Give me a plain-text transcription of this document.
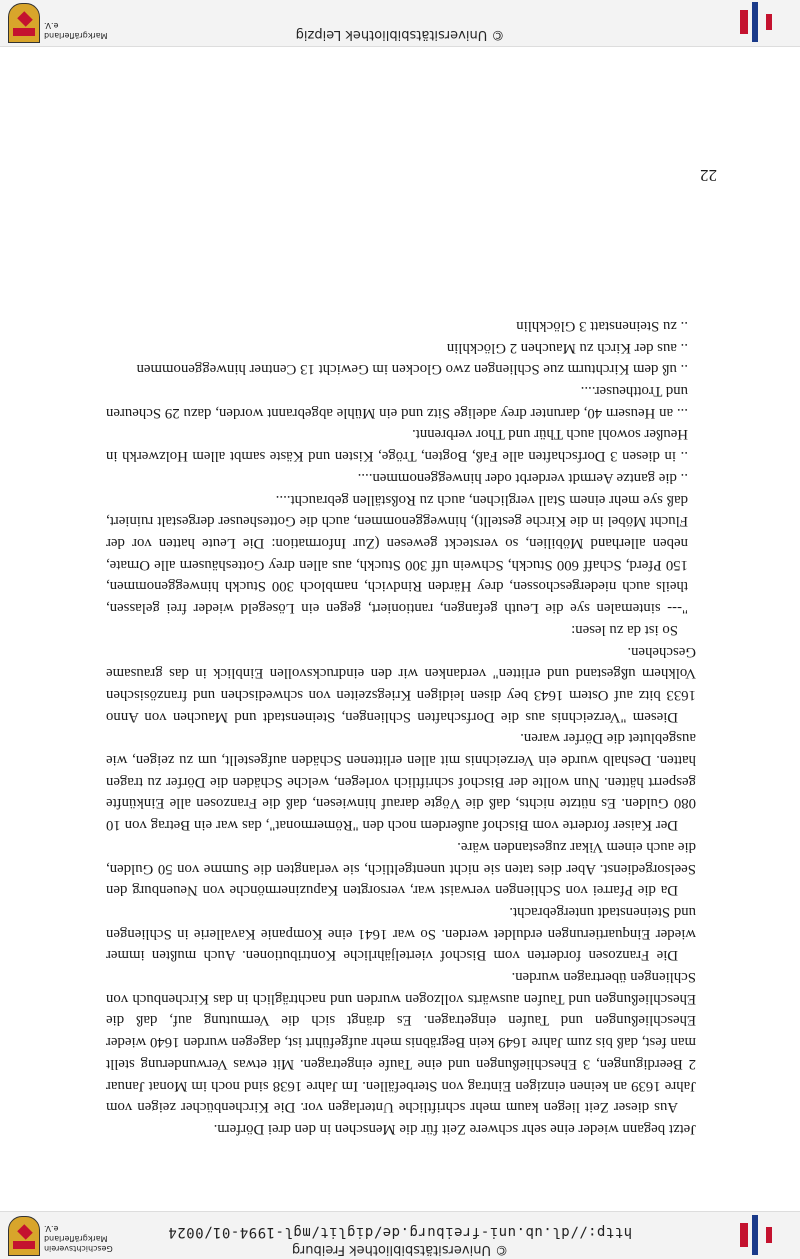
© Universitätsbibliothek Freiburg
http://dl.ub.uni-freiburg.de/diglit/mgl-1994-01/0024
Geschichtsverein
Markgräflerland e.V.

Jetzt begann wieder eine sehr schwere Zeit für die Menschen in den drei Dörfern.

Aus dieser Zeit liegen kaum mehr schriftliche Unterlagen vor. Die Kirchenbücher zeigen vom Jahre 1639 an keinen einzigen Eintrag von Sterbefällen. Im Jahre 1638 sind noch im Monat Januar 2 Beerdigungen, 3 Eheschließungen und eine Taufe eingetragen. Mit etwas Verwunderung stellt man fest, daß bis zum Jahre 1649 kein Begräbnis mehr aufgeführt ist, dagegen wurden 1640 wieder Eheschließungen und Taufen eingetragen. Es drängt sich die Vermutung auf, daß die Eheschließungen und Taufen auswärts vollzogen wurden und nachträglich in das Kirchenbuch von Schliengen übertragen wurden.

Die Franzosen forderten vom Bischof vierteljährliche Kontributionen. Auch mußten immer wieder Einquartierungen erduldet werden. So war 1641 eine Kompanie Kavallerie in Schliengen und Steinenstadt untergebracht.

Da die Pfarrei von Schliengen verwaist war, versorgten Kapuzinermönche von Neuenburg den Seelsorgedienst. Aber dies taten sie nicht unentgeltlich, sie verlangten die Summe von 50 Gulden, die auch einem Vikar zugestanden wäre.

Der Kaiser forderte vom Bischof außerdem noch den "Römermonat", das war ein Betrag von 10 080 Gulden. Es nützte nichts, daß die Vögte darauf hinwiesen, daß die Franzosen alle Einkünfte gesperrt hätten. Nun wollte der Bischof schriftlich vorlegen, welche Schäden die Dörfer zu tragen hatten. Deshalb wurde ein Verzeichnis mit allen erlittenen Schäden aufgestellt, um zu zeigen, wie ausgeblutet die Dörfer waren.

Diesem "Verzeichnis aus die Dorfschaften Schliengen, Steinenstadt und Mauchen von Anno 1633 bitz auf Ostern 1643 bey disen leidigen Kriegszeiten von schwedischen und französischen Volkhern ußgestand und erlitten" verdanken wir den eindrucksvollen Einblick in das grausame Geschehen.

So ist da zu lesen:

"--- sintemalen sye die Leuth gefangen, rantioniert, gegen ein Lösegeld wieder frei gelassen, theils auch niedergeschossen, drey Härden Rindvich, nambloch 300 Stuckh hinweggenommen, 150 Pferd, Schaff 600 Stuckh, Schwein uff 300 Stuckh, aus allen drey Gotteshäusern alle Ornate, neben allerhand Möbilien, so versteckt gewesen (Zur Information: Die Leute hatten vor der Flucht Möbel in die Kirche gestellt), hinweggenommen, auch die Gottesheuser dergestalt ruiniert, daß sye mehr einem Stall verglichen, auch zu Roßställen gebraucht....

.. die gantze Aermdt verderbt oder hinweggenommen....

.. in diesen 3 Dorfschaften alle Faß, Bogten, Tröge, Kisten und Käste sambt allem Holzwerkh in Heußer sowohl auch Thür und Thor verbrennt.

... an Heusern 40, darunter drey adelige Sitz und ein Mühle abgebrannt worden, dazu 29 Scheuren und Trottheuser....

.. uß dem Kirchturm zue Schliengen zwo Glocken im Gewicht 13 Centner hinweggenommen

.. aus der Kirch zu Mauchen 2 Glöckhlin

.. zu Steinenstatt 3 Glöckhlin

22
© Universitätsbibliothek Leipzig
Markgräflerland e.V.
